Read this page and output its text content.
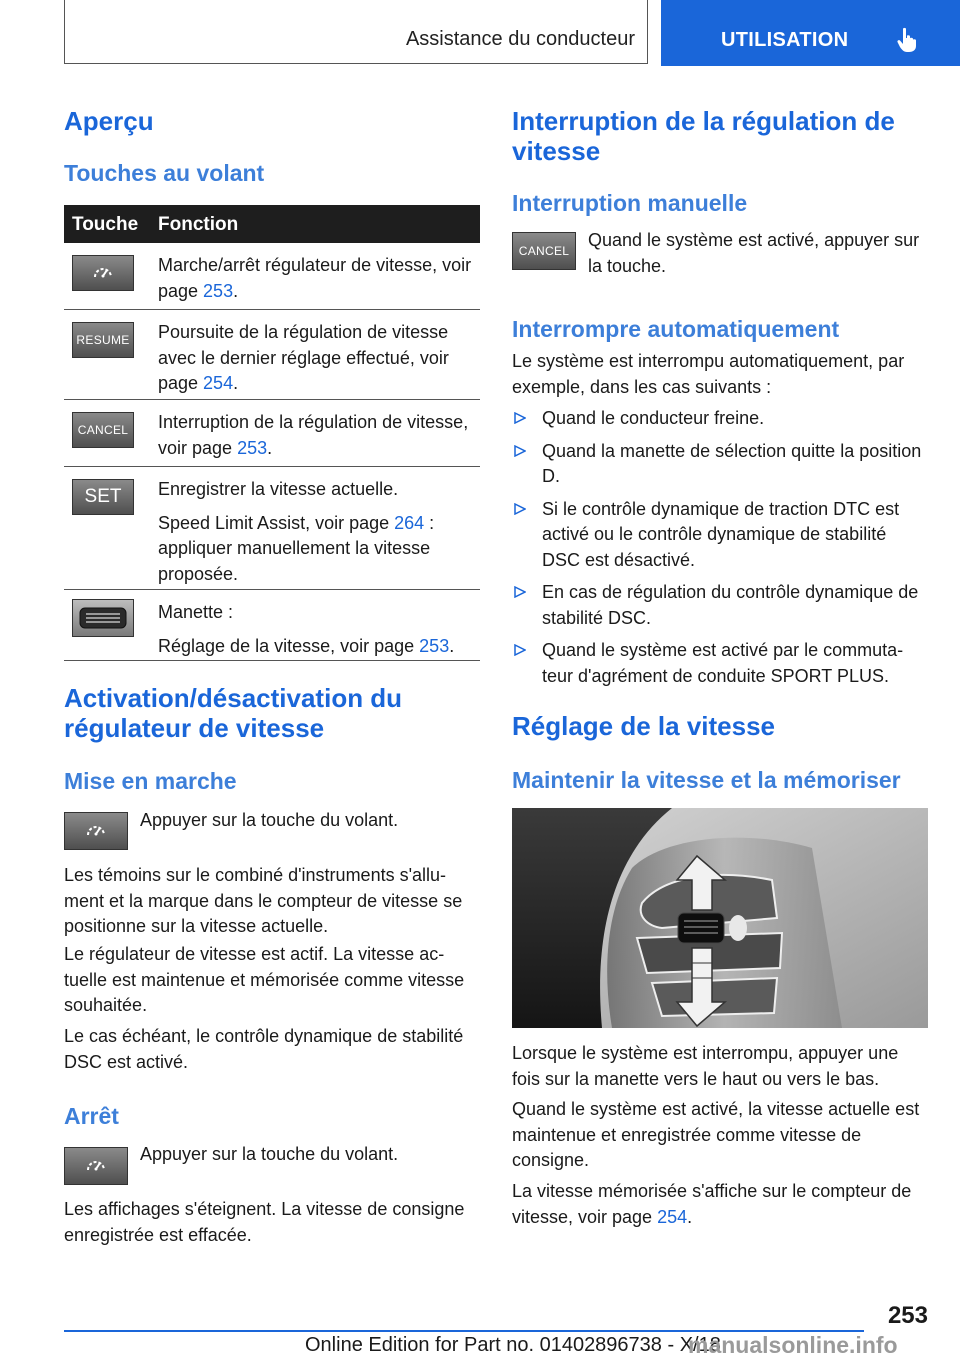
Assistance du conducteur	UTILISATION
Aperçu
Touches au volant
Touche Fonction
Marche/arrêt régulateur de vitesse, voir page 253.
RESUME Poursuite de la régulation de vitesse avec le dernier réglage effectué, voir page 254.
CANCEL	Interruption de la régulation de vitesse, voir page 253.
SET	Enregistrer la vitesse actuelle.

Speed Limit Assist, voir page 264 : appliquer manuellement la vitesse proposée.

Manette :

Réglage de la vitesse, voir page 253.

Activation/désactivation du régulateur de vitesse
Mise en marche
Appuyer sur la touche du volant.
Les témoins sur le combiné d'instruments s'allument et la marque dans le compteur de vitesse se positionne sur la vitesse actuelle.
Le régulateur de vitesse est actif. La vitesse actuelle est maintenue et mémorisée comme vitesse souhaitée.
Le cas échéant, le contrôle dynamique de stabilité DSC est activé.
Arrêt
Appuyer sur la touche du volant.
Les affichages s'éteignent. La vitesse de consigne enregistrée est effacée.
Interruption de la régulation de vitesse
Interruption manuelle
CANCEL
Quand le système est activé, appuyer sur la touche.
Interrompre automatiquement
Le système est interrompu automatiquement, par exemple, dans les cas suivants :
Quand le conducteur freine.
Quand la manette de sélection quitte la position D.
Si le contrôle dynamique de traction DTC est activé ou le contrôle dynamique de stabilité DSC est désactivé.
En cas de régulation du contrôle dynamique de stabilité DSC.
Quand le système est activé par le commutateur d'agrément de conduite SPORT PLUS.
Réglage de la vitesse
Maintenir la vitesse et la mémoriser
Lorsque le système est interrompu, appuyer une fois sur la manette vers le haut ou vers le bas.
Quand le système est activé, la vitesse actuelle est maintenue et enregistrée comme vitesse de consigne.
La vitesse mémorisée s'affiche sur le compteur de vitesse, voir page 254.
253
Online Edition for Part no. 01402896738 - X/18
manualsonline.info
